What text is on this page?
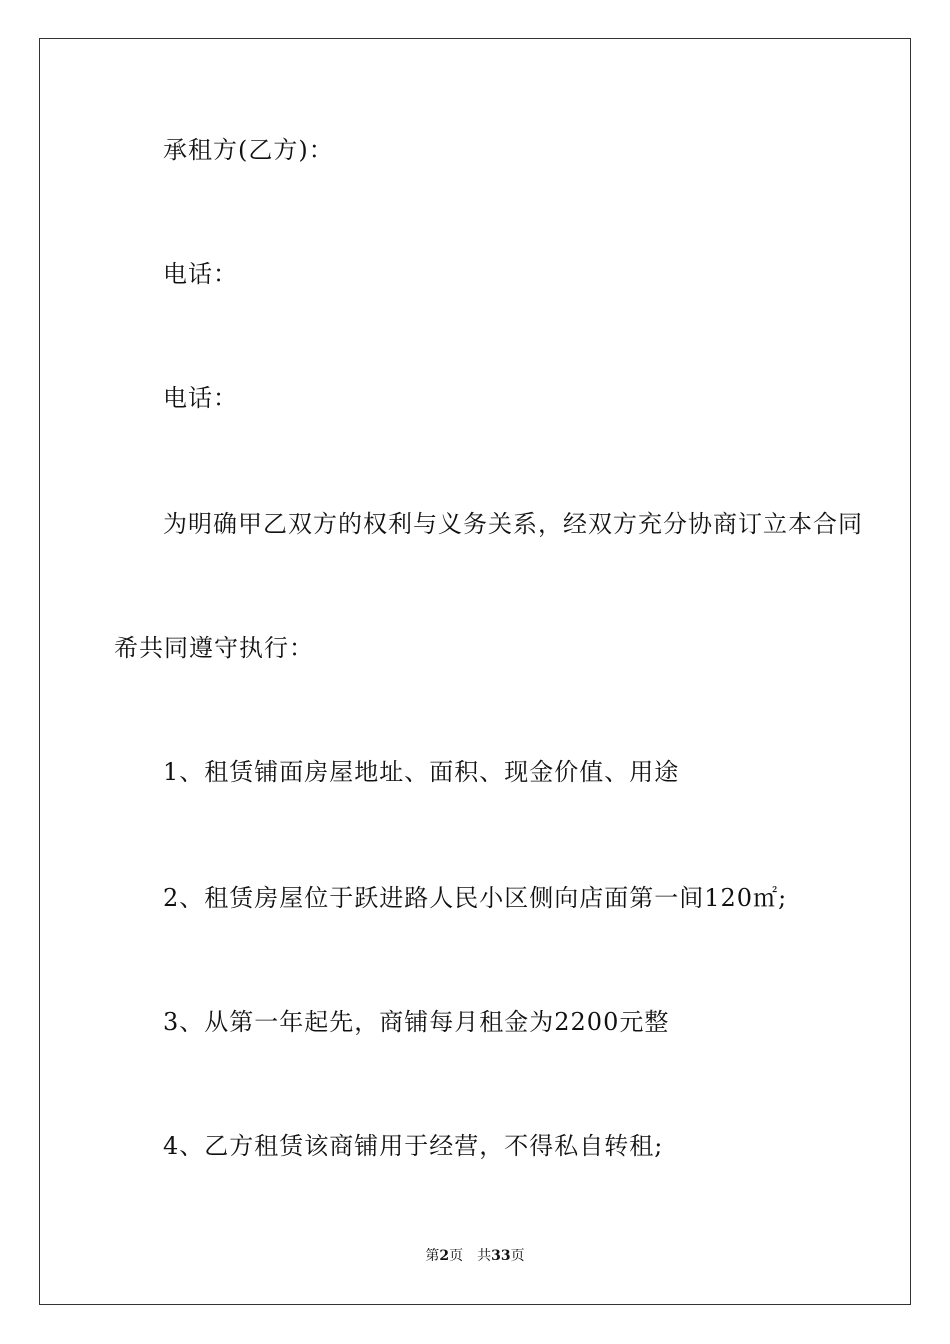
承租方(乙方)：
电话：
电话：
为明确甲乙双方的权利与义务关系，经双方充分协商订立本合同
希共同遵守执行：
1、租赁铺面房屋地址、面积、现金价值、用途
2、租赁房屋位于跃进路人民小区侧向店面第一间120㎡;
3、从第一年起先，商铺每月租金为2200元整
4、乙方租赁该商铺用于经营，不得私自转租;
第2页 共33页
